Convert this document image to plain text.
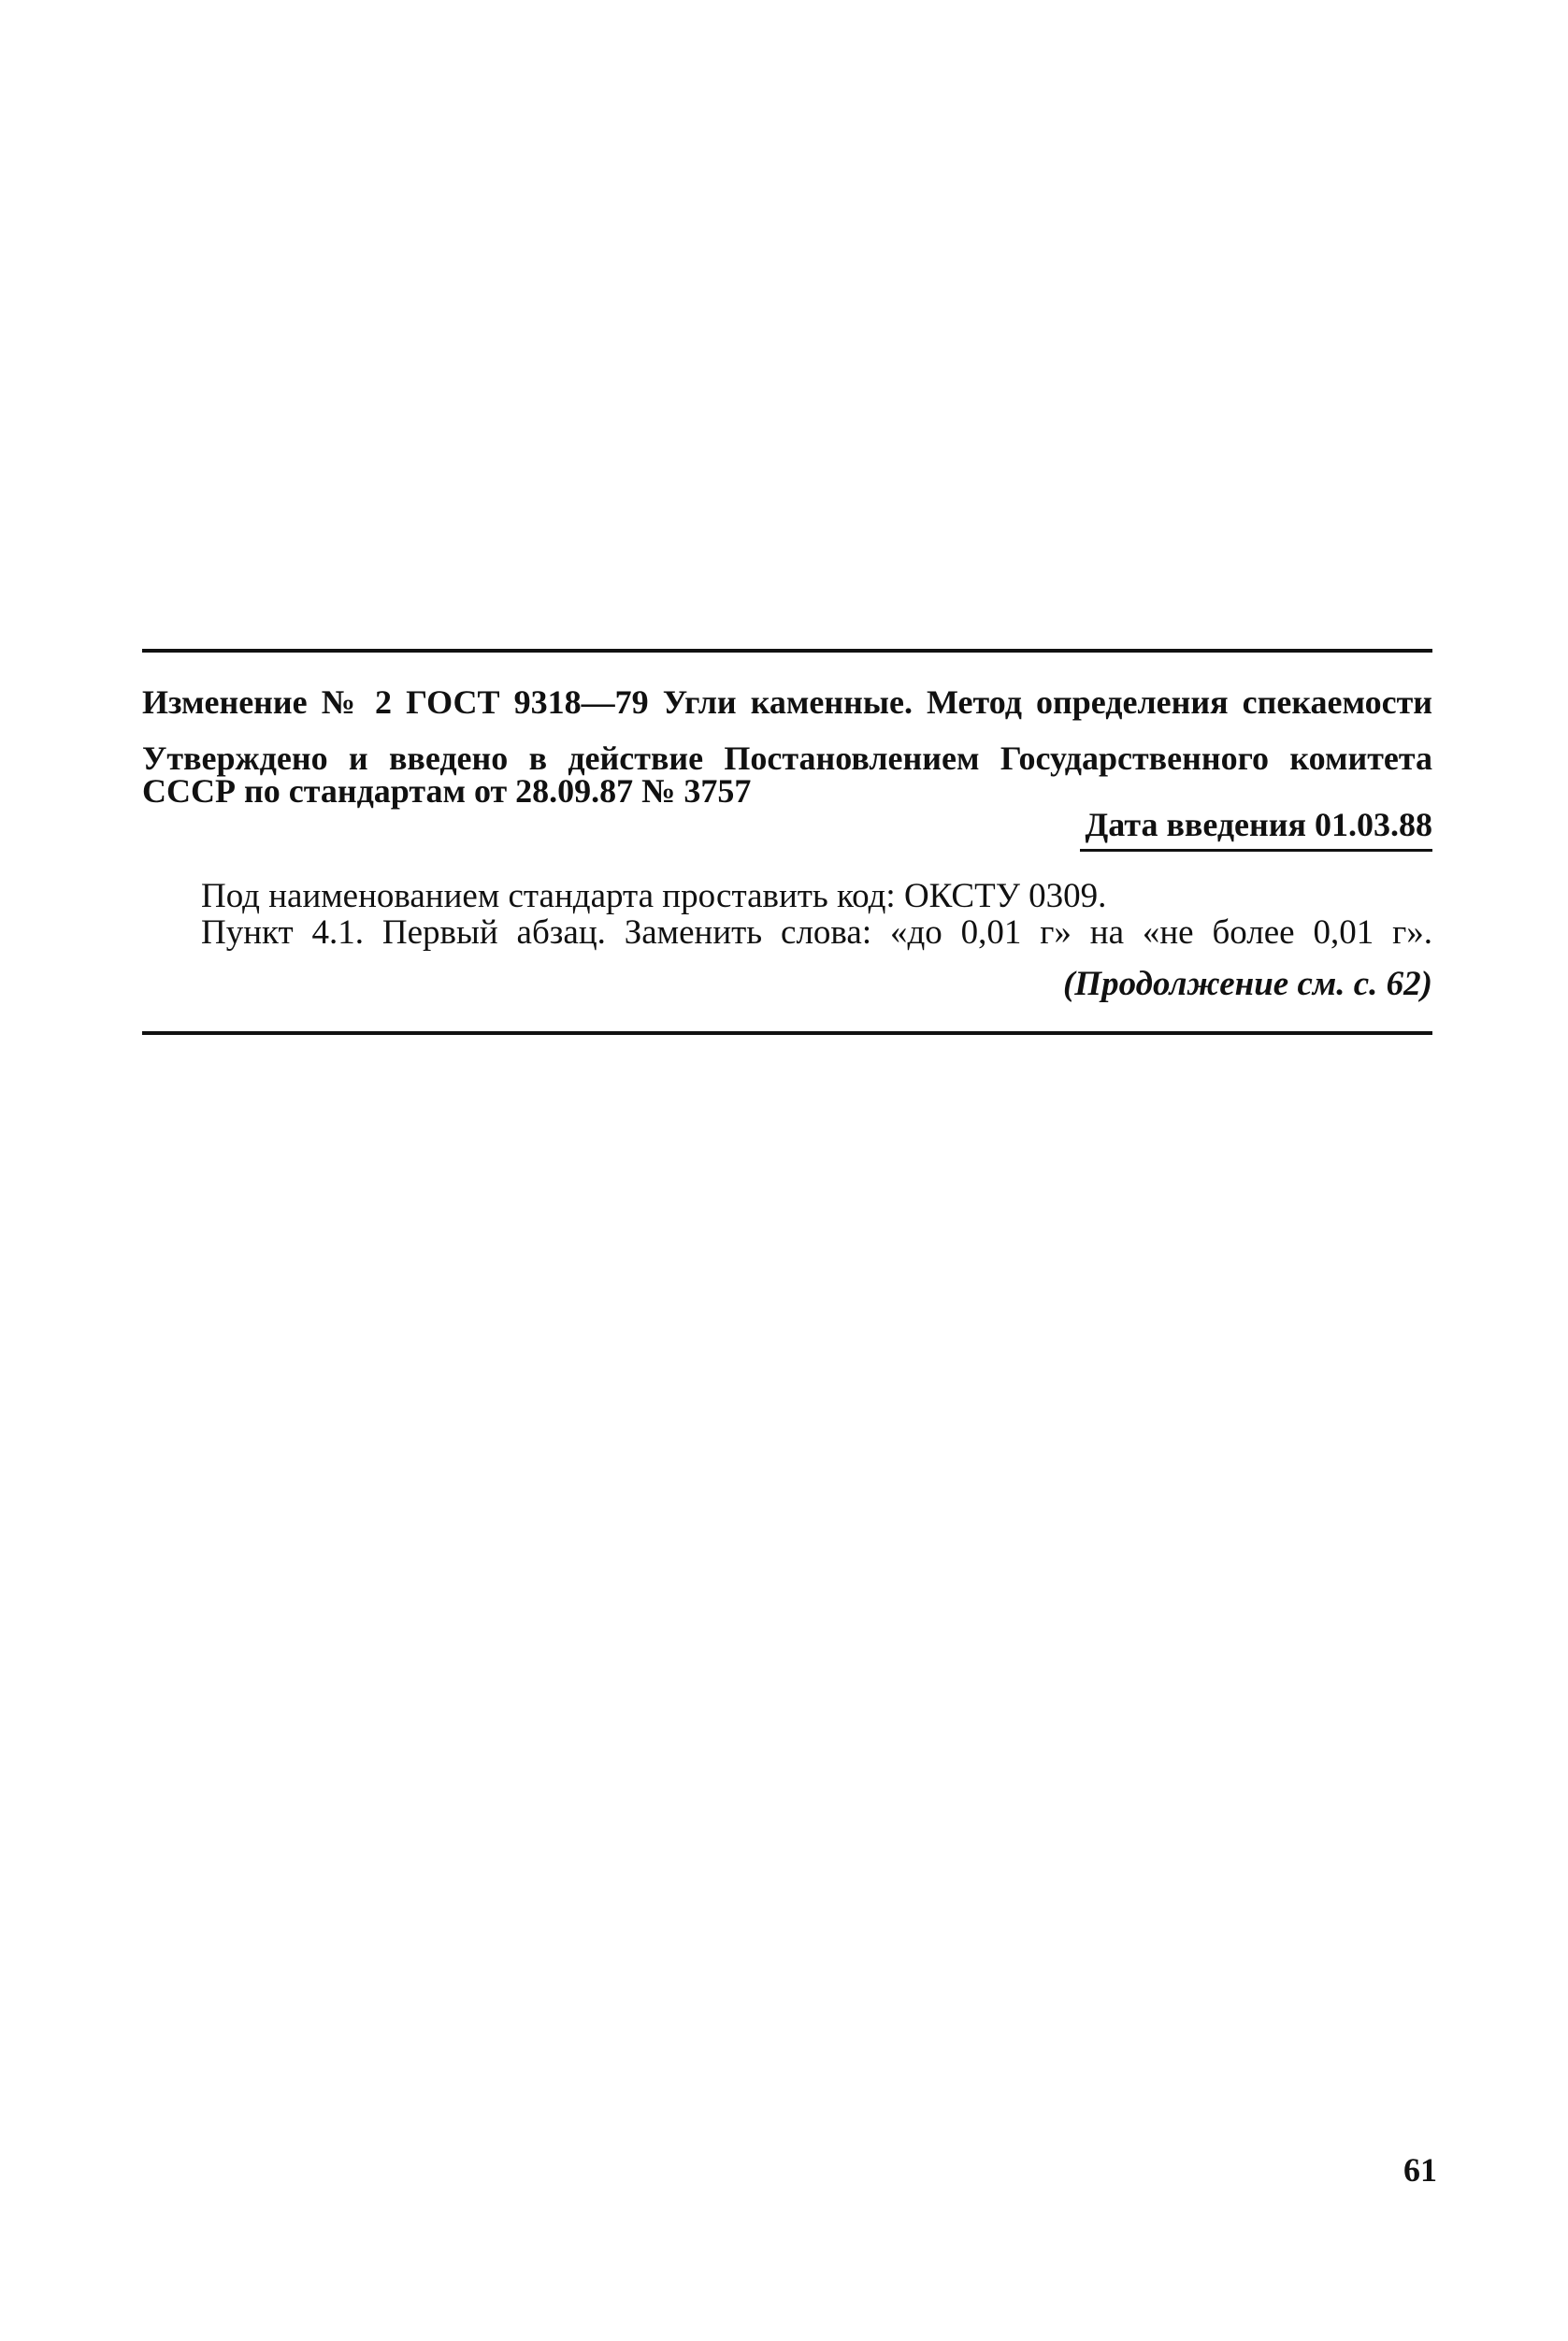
Изменение № 2 ГОСТ 9318—79 Угли каменные. Метод определения спекаемости
Утверждено и введено в действие Постановлением Государственного комитета
СССР по стандартам от 28.09.87 № 3757
Дата введения 01.03.88
Под наименованием стандарта проставить код: ОКСТУ 0309.
Пункт 4.1. Первый абзац. Заменить слова: «до 0,01 г» на «не более 0,01 г».
(Продолжение см. с. 62)
61
